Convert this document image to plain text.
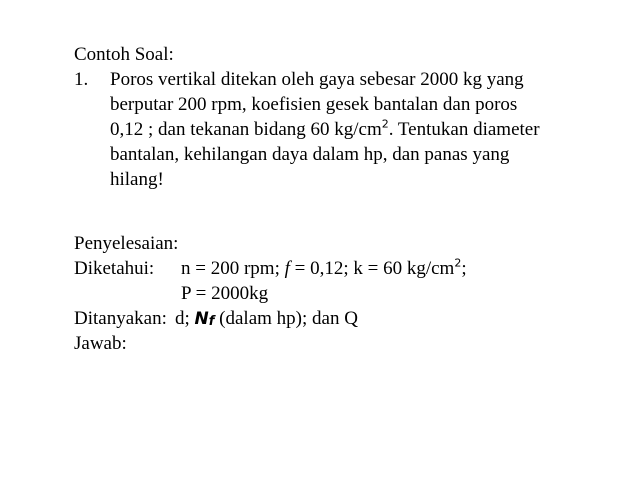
Contoh Soal:
1. Poros vertikal ditekan oleh gaya sebesar 2000 kg yang
berputar 200 rpm, koefisien gesek bantalan dan poros
0,12 ; dan tekanan bidang 60 $kg/cm^2$. Tentukan diameter
bantalan, kehilangan daya dalam hp, dan panas yang
hilang!
Penyelesaian:
Diketahui: n = 200 rpm; f = 0,12; k = 60 $kg/cm^2$;
P = 2000kg
Ditanyakan: d; $N_f$ (dalam hp); dan Q
Jawab:
